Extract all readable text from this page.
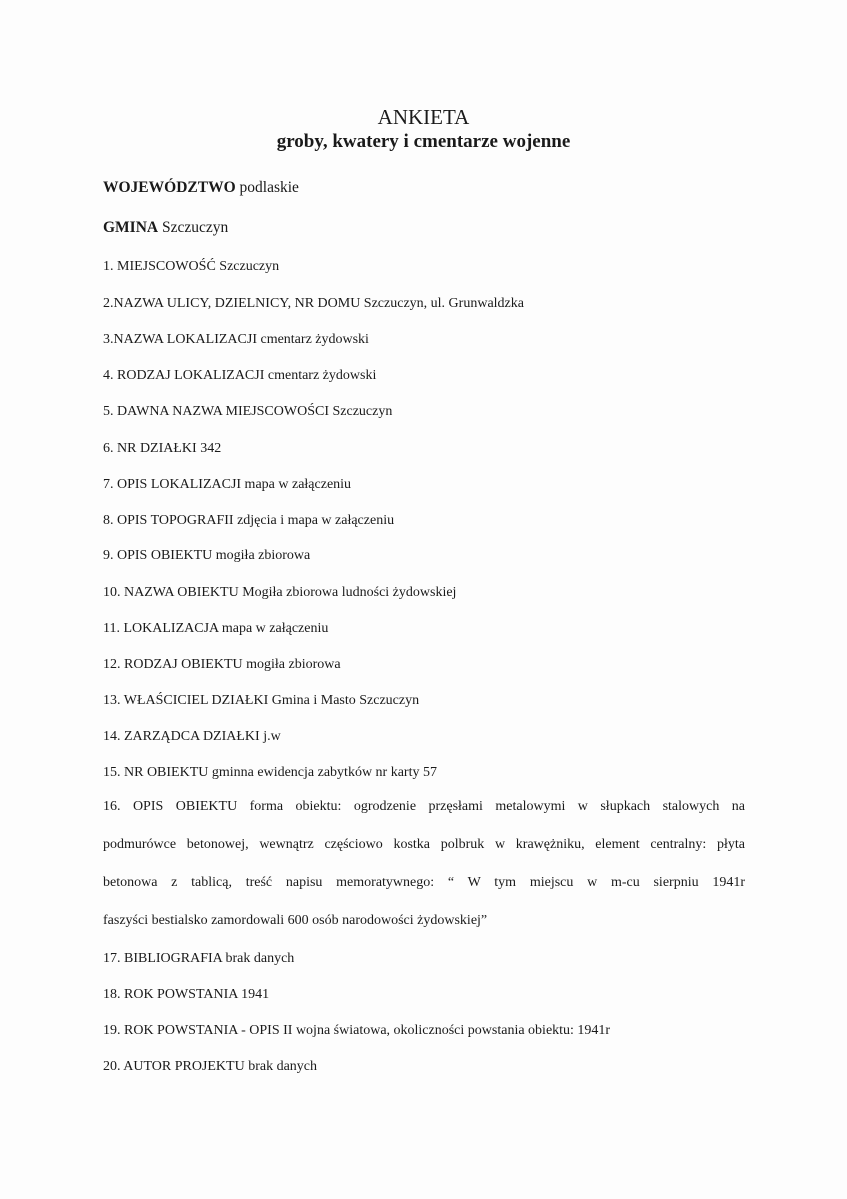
ANKIETA
groby, kwatery i cmentarze wojenne
WOJEWÓDZTWO podlaskie
GMINA Szczuczyn
1. MIEJSCOWOŚĆ Szczuczyn
2.NAZWA ULICY, DZIELNICY, NR DOMU Szczuczyn, ul. Grunwaldzka
3.NAZWA LOKALIZACJI cmentarz żydowski
4. RODZAJ LOKALIZACJI cmentarz żydowski
5. DAWNA NAZWA MIEJSCOWOŚCI Szczuczyn
6. NR DZIAŁKI 342
7. OPIS LOKALIZACJI mapa w załączeniu
8. OPIS TOPOGRAFII zdjęcia i mapa w załączeniu
9. OPIS OBIEKTU mogiła zbiorowa
10. NAZWA OBIEKTU Mogiła zbiorowa ludności żydowskiej
11. LOKALIZACJA mapa w załączeniu
12. RODZAJ OBIEKTU mogiła zbiorowa
13. WŁAŚCICIEL DZIAŁKI Gmina i Masto Szczuczyn
14. ZARZĄDCA DZIAŁKI j.w
15. NR OBIEKTU gminna ewidencja zabytków nr karty 57
16. OPIS OBIEKTU forma obiektu: ogrodzenie przęsłami metalowymi w słupkach stalowych na
podmurówce betonowej, wewnątrz częściowo kostka polbruk w krawężniku, element centralny: płyta
betonowa z tablicą, treść napisu memoratywnego: “ W tym miejscu w m-cu sierpniu 1941r
faszyści bestialsko zamordowali 600 osób narodowości żydowskiej”
17. BIBLIOGRAFIA brak danych
18. ROK POWSTANIA 1941
19. ROK POWSTANIA - OPIS II wojna światowa, okoliczności powstania obiektu: 1941r
20. AUTOR PROJEKTU brak danych
